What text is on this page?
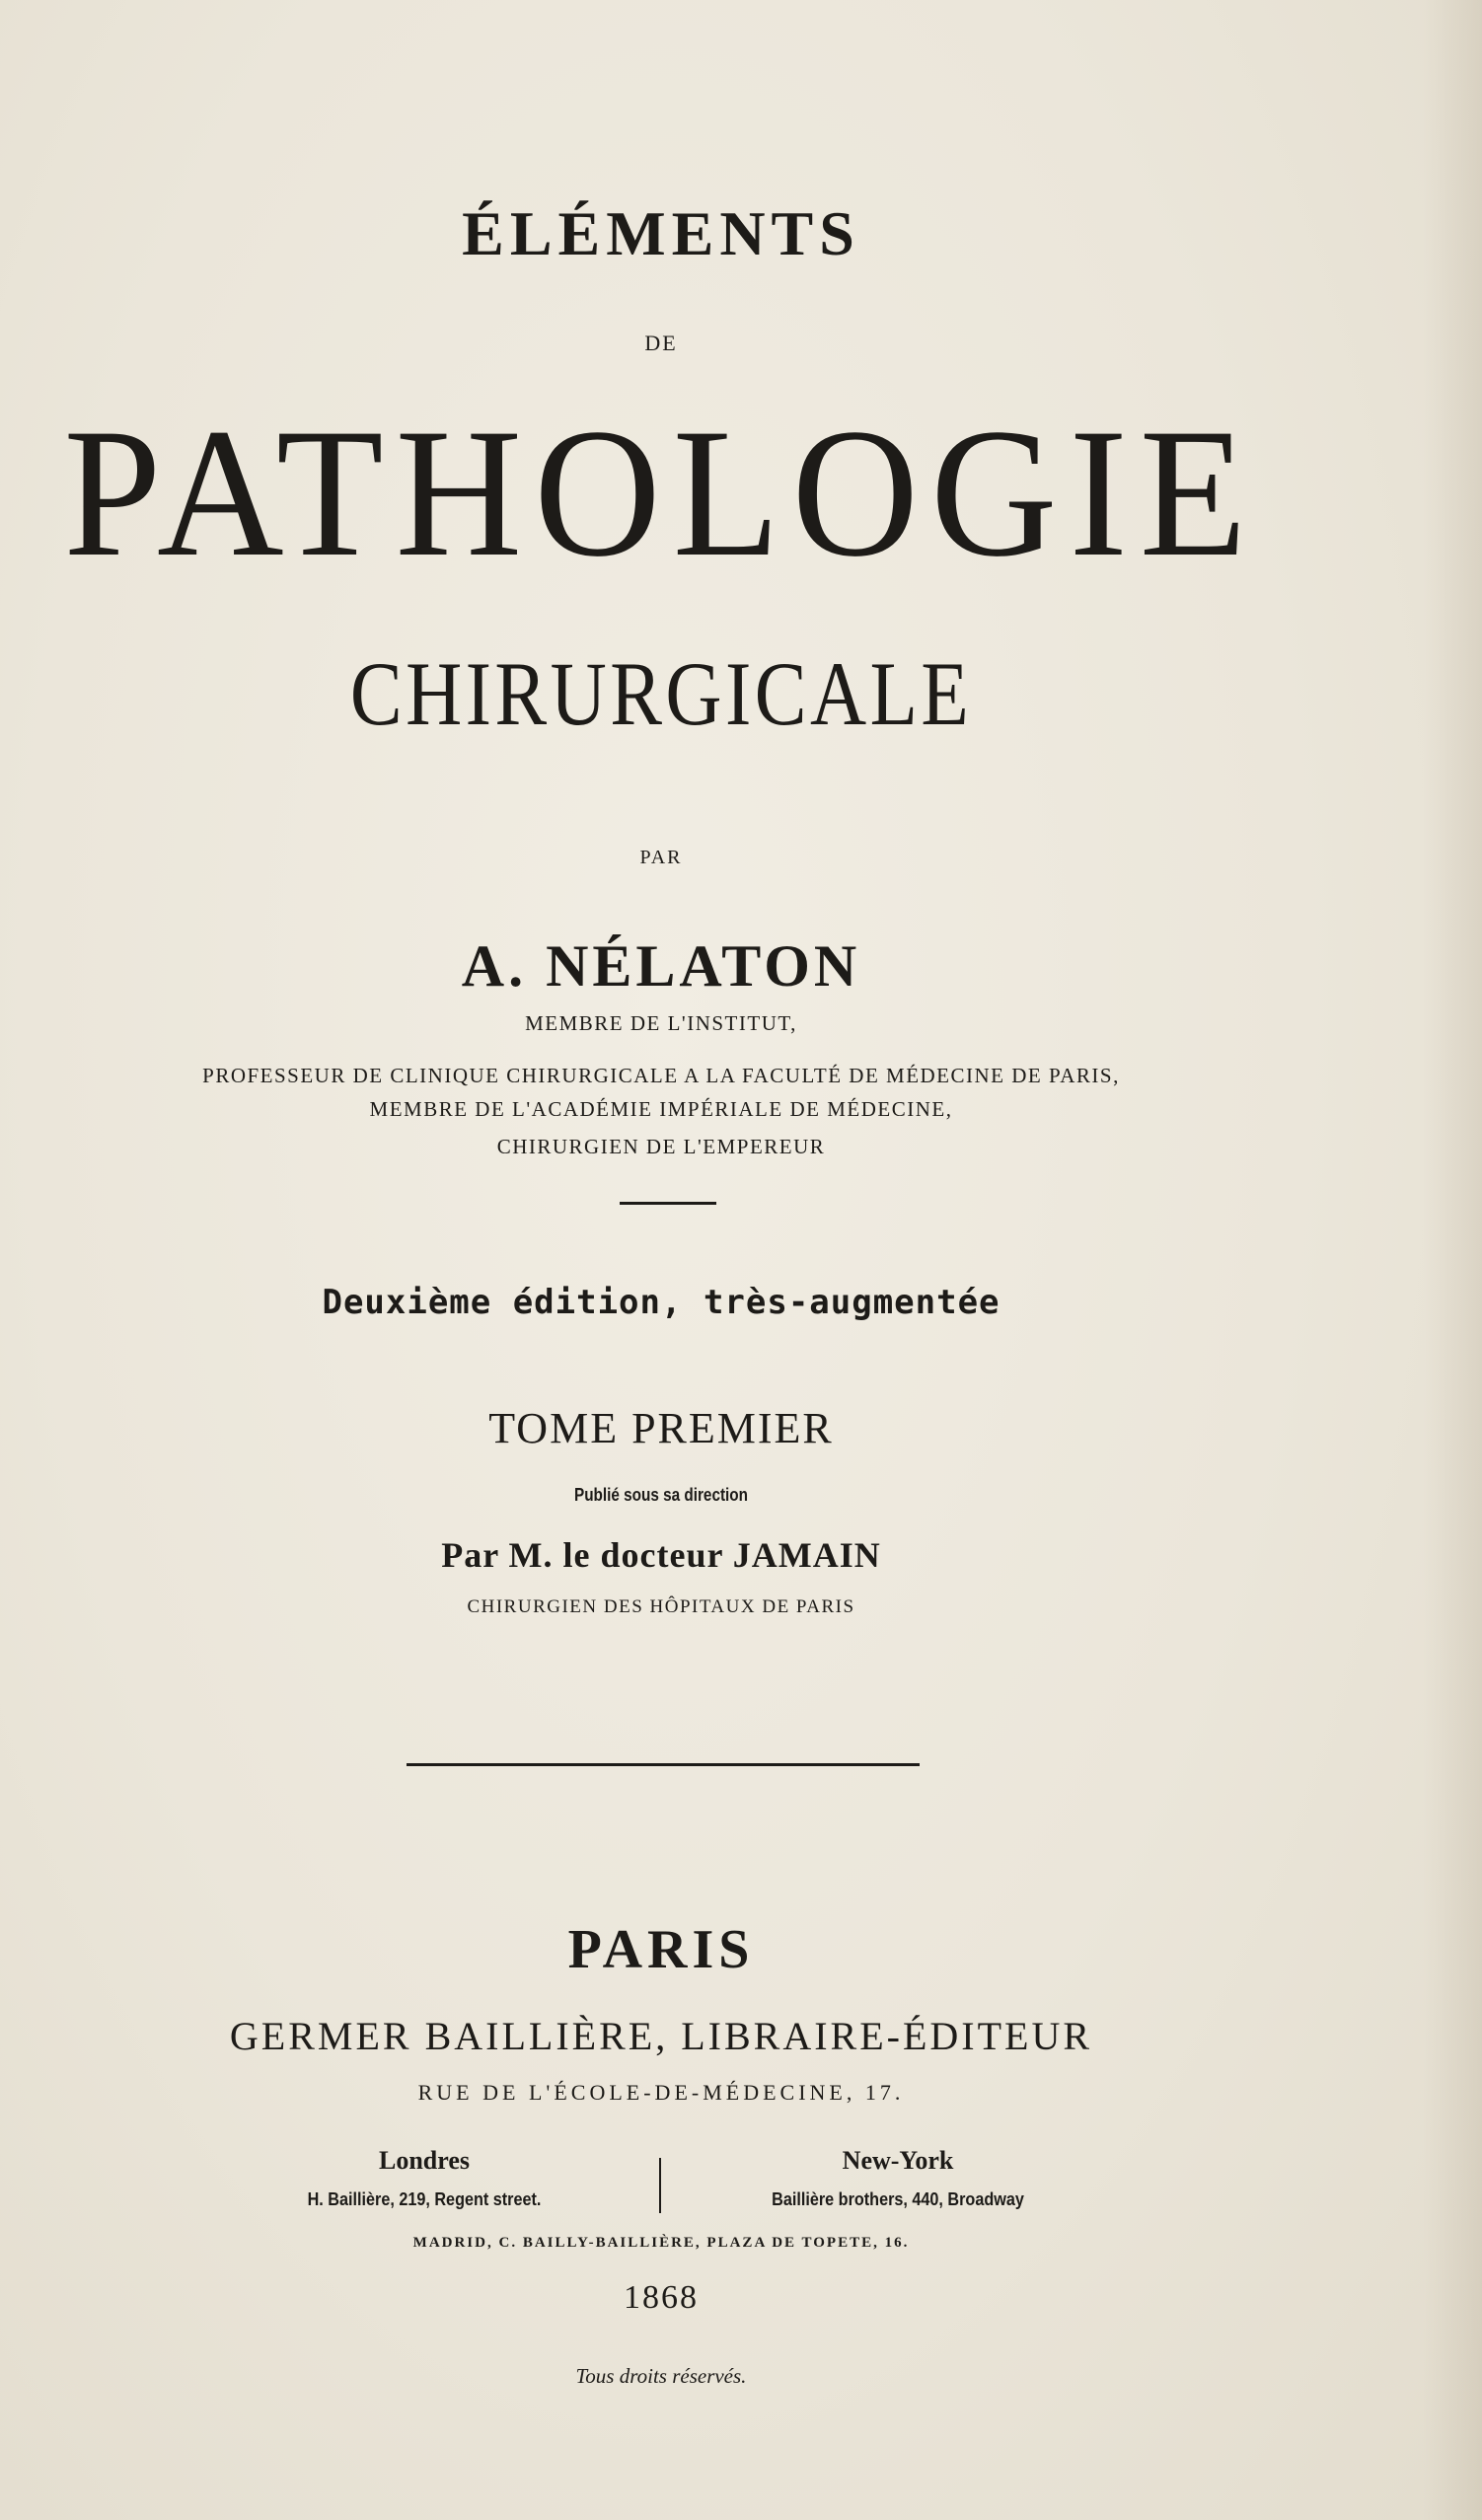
ÉLÉMENTS
DE
PATHOLOGIE
CHIRURGICALE
PAR
A. NÉLATON
MEMBRE DE L'INSTITUT,
PROFESSEUR DE CLINIQUE CHIRURGICALE A LA FACULTÉ DE MÉDECINE DE PARIS,
MEMBRE DE L'ACADÉMIE IMPÉRIALE DE MÉDECINE,
CHIRURGIEN DE L'EMPEREUR
Deuxième édition, très-augmentée
TOME PREMIER
Publié sous sa direction
Par M. le docteur JAMAIN
CHIRURGIEN DES HÔPITAUX DE PARIS
PARIS
GERMER BAILLIÈRE, LIBRAIRE-ÉDITEUR
RUE DE L'ÉCOLE-DE-MÉDECINE, 17.
Londres
H. Baillière, 219, Regent street.
New-York
Baillière brothers, 440, Broadway
MADRID, C. BAILLY-BAILLIÈRE, PLAZA DE TOPETE, 16.
1868
Tous droits réservés.
